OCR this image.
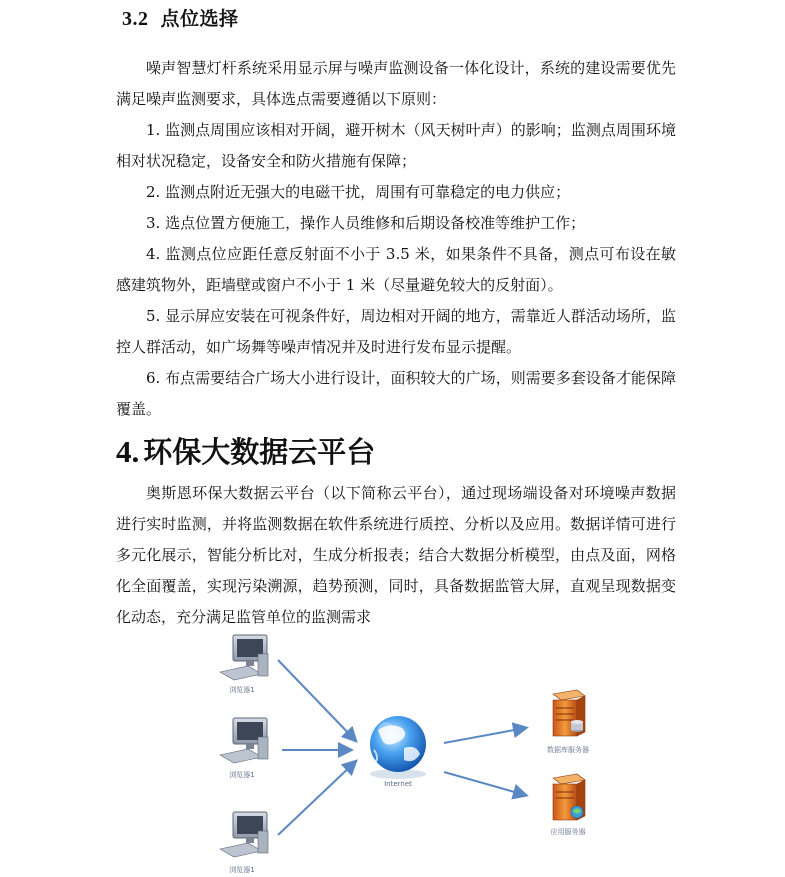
3.2 点位选择

噪声智慧灯杆系统采用显示屏与噪声监测设备一体化设计，系统的建设需要优先满足噪声监测要求，具体选点需要遵循以下原则：

1. 监测点周围应该相对开阔，避开树木（风天树叶声）的影响；监测点周围环境相对状况稳定，设备安全和防火措施有保障；

2. 监测点附近无强大的电磁干扰，周围有可靠稳定的电力供应；

3. 选点位置方便施工，操作人员维修和后期设备校准等维护工作；

4. 监测点位应距任意反射面不小于 3.5 米，如果条件不具备，测点可布设在敏感建筑物外，距墙壁或窗户不小于 1 米（尽量避免较大的反射面）。

5. 显示屏应安装在可视条件好，周边相对开阔的地方，需靠近人群活动场所，监控人群活动，如广场舞等噪声情况并及时进行发布显示提醒。

6. 布点需要结合广场大小进行设计，面积较大的广场，则需要多套设备才能保障覆盖。

4. 环保大数据云平台

奥斯恩环保大数据云平台（以下简称云平台），通过现场端设备对环境噪声数据进行实时监测，并将监测数据在软件系统进行质控、分析以及应用。数据详情可进行多元化展示，智能分析比对，生成分析报表；结合大数据分析模型，由点及面，网格化全面覆盖，实现污染溯源，趋势预测，同时，具备数据监管大屏，直观呈现数据变化动态，充分满足监管单位的监测需求

浏览器1
浏览器1
浏览器1
Internet
数据库服务器
应用服务器
